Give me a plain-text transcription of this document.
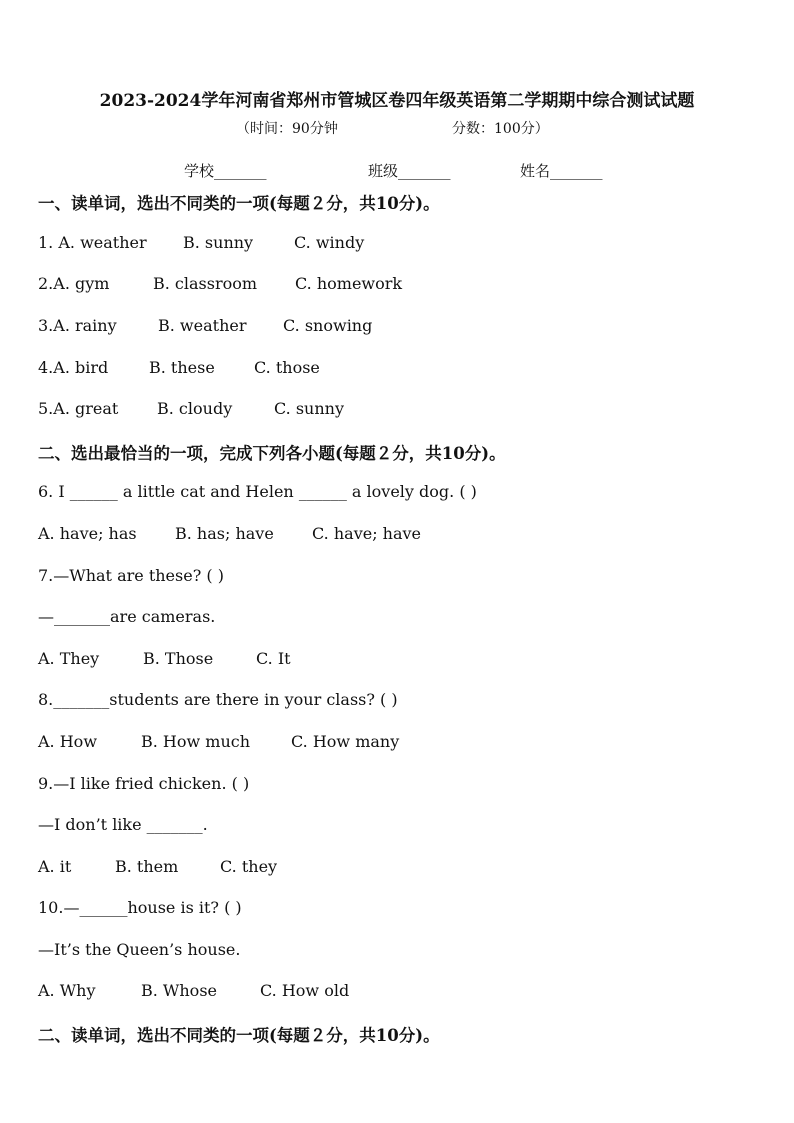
2023-2024学年河南省郑州市管城区卷四年级英语第二学期期中综合测试试题
（时间：90分钟	分数：100分）
学校_______	班级_______	姓名_______
一、读单词，选出不同类的一项(每题２分，共10分)。
1. A. weather B. sunny	C. windy
2.A. gym	B. classroom C. homework
3.A. rainy	B. weather C. snowing
4.A. bird	B. these C. those
5.A. great B. cloudy	C. sunny
二、选出最恰当的一项，完成下列各小题(每题２分，共10分)。
6. I ______ a little cat and Helen ______ a lovely dog. ( )
A. have; has B. has; have C. have; have
7.—What are these? ( )
—_______are cameras.
A. They	B. Those	C. It
8._______students are there in your class? ( )
A. How	B. How much	C. How many
9.—I like fried chicken. ( )
—I don’t like _______.
A. it	B. them	C. they
10.—______house is it? ( )
—It’s the Queen’s house.
A. Why	B. Whose	C. How old
二、读单词，选出不同类的一项(每题２分，共10分)。
